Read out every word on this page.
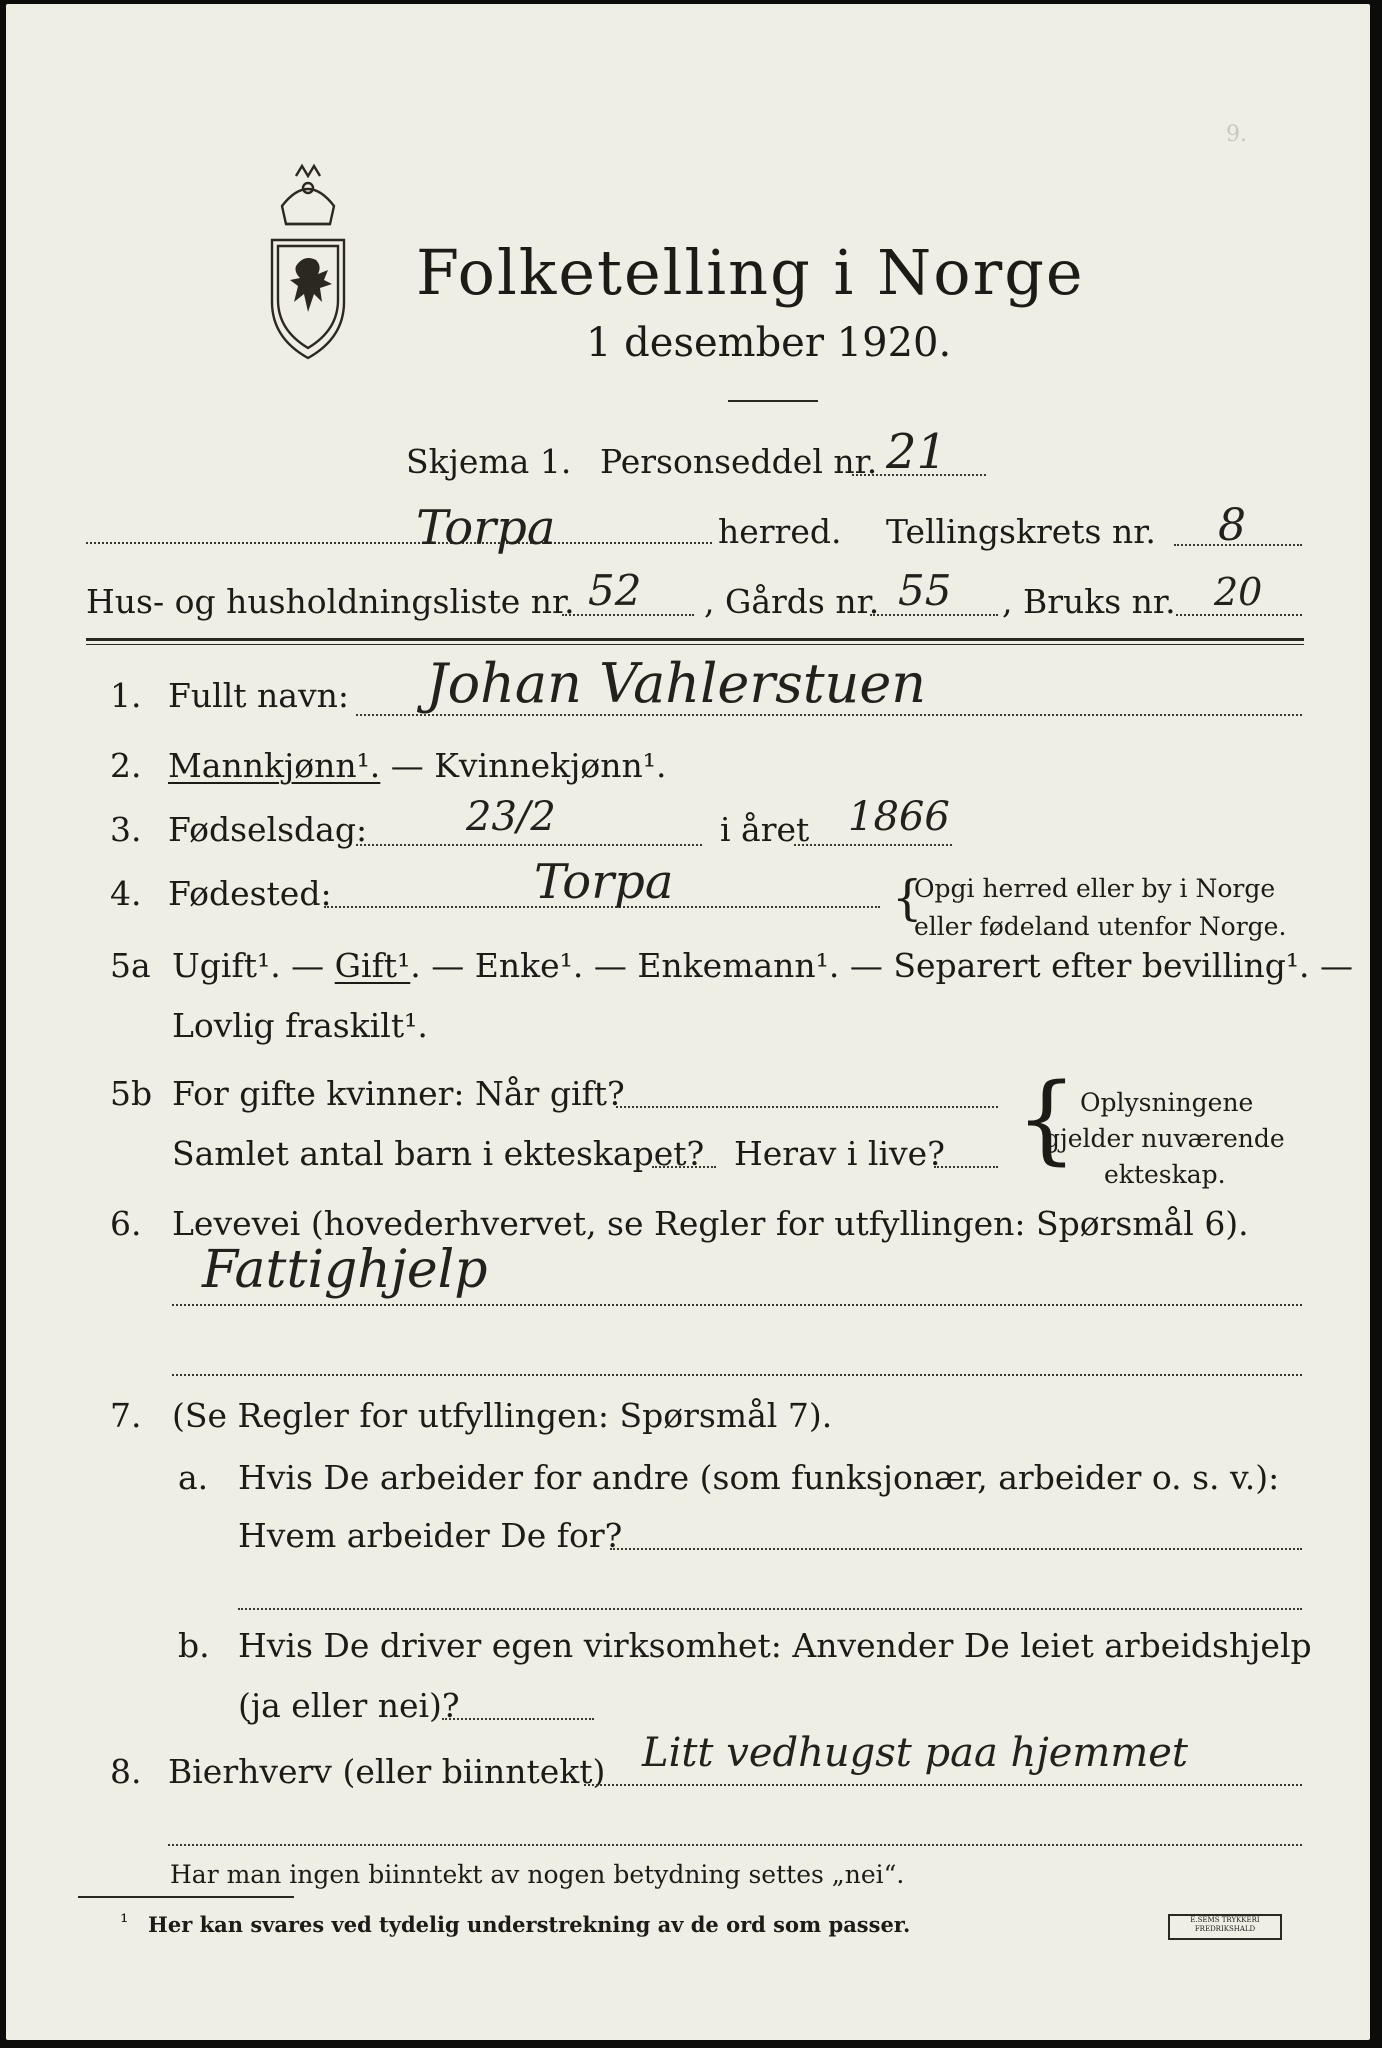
9.
Folketelling i Norge
1 desember 1920.
Skjema 1. Personseddel nr. 21
Torpa	herred. Tellingskrets nr. 8
Hus- og husholdningsliste nr. 52 , Gårds nr. 55 , Bruks nr. 20
1. Fullt navn: Johan Vahlerstuen
2. Mannkjønn¹. — Kvinnekjønn¹.
3. Fødselsdag: 23/2	i året 1866
4. Fødested:	Torpa	{
Opgi herred eller by i Norge
eller fødeland utenfor Norge.
5a Ugift¹. — Gift¹. — Enke¹. — Enkemann¹. — Separert efter bevilling¹. —
Lovlig fraskilt¹.
5b For gifte kvinner: Når gift?
Samlet antal barn i ekteskapet? Herav i live? { Oplysningene
gjelder nuværende
ekteskap.
6. Levevei (hovederhvervet, se Regler for utfyllingen: Spørsmål 6).
Fattighjelp
7. (Se Regler for utfyllingen: Spørsmål 7).
a. Hvis De arbeider for andre (som funksjonær, arbeider o. s. v.):
Hvem arbeider De for?
b. Hvis De driver egen virksomhet: Anvender De leiet arbeidshjelp
(ja eller nei)?
8. Bierhverv (eller biinntekt) Litt vedhugst paa hjemmet
Har man ingen biinntekt av nogen betydning settes „nei“.
¹ Her kan svares ved tydelig understrekning av de ord som passer.	E.SEMS TRYKKERI FREDRIKSHALD
